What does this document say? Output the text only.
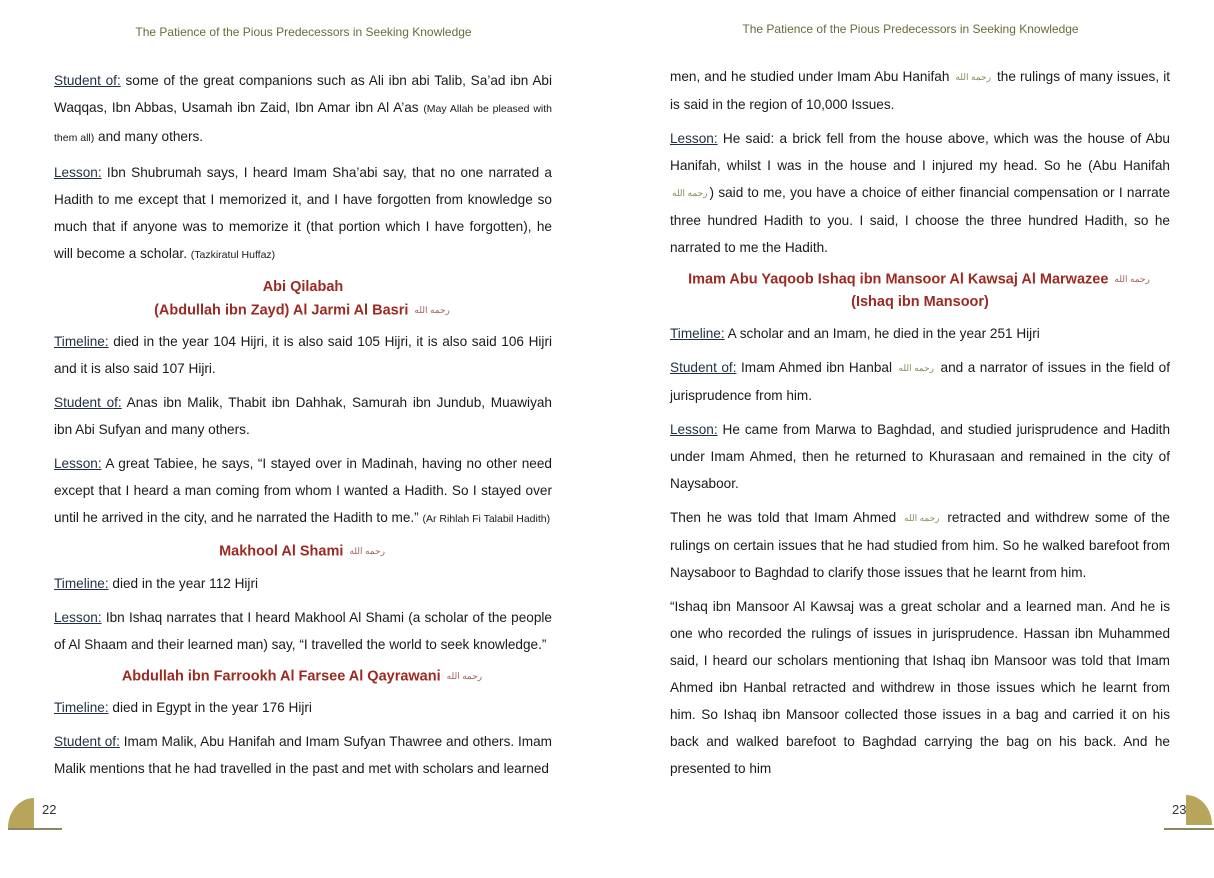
The Patience of the Pious Predecessors in Seeking Knowledge

Student of: some of the great companions such as Ali ibn abi Talib, Sa’ad ibn Abi Waqqas, Ibn Abbas, Usamah ibn Zaid, Ibn Amar ibn Al A’as (May Allah be pleased with them all) and many others.

Lesson: Ibn Shubrumah says, I heard Imam Sha’abi say, that no one narrated a Hadith to me except that I memorized it, and I have forgotten from knowledge so much that if anyone was to memorize it (that portion which I have forgotten), he will become a scholar. (Tazkiratul Huffaz)

Abi Qilabah
(Abdullah ibn Zayd) Al Jarmi Al Basri رحمه الله

Timeline: died in the year 104 Hijri, it is also said 105 Hijri, it is also said 106 Hijri and it is also said 107 Hijri.

Student of: Anas ibn Malik, Thabit ibn Dahhak, Samurah ibn Jundub, Muawiyah ibn Abi Sufyan and many others.

Lesson: A great Tabiee, he says, “I stayed over in Madinah, having no other need except that I heard a man coming from whom I wanted a Hadith. So I stayed over until he arrived in the city, and he narrated the Hadith to me.” (Ar Rihlah Fi Talabil Hadith)

Makhool Al Shami رحمه الله

Timeline: died in the year 112 Hijri

Lesson: Ibn Ishaq narrates that I heard Makhool Al Shami (a scholar of the people of Al Shaam and their learned man) say, “I travelled the world to seek knowledge.”

Abdullah ibn Farrookh Al Farsee Al Qayrawani رحمه الله

Timeline: died in Egypt in the year 176 Hijri

Student of: Imam Malik, Abu Hanifah and Imam Sufyan Thawree and others. Imam Malik mentions that he had travelled in the past and met with scholars and learned

22
The Patience of the Pious Predecessors in Seeking Knowledge

men, and he studied under Imam Abu Hanifah رحمه الله the rulings of many issues, it is said in the region of 10,000 Issues.

Lesson: He said: a brick fell from the house above, which was the house of Abu Hanifah, whilst I was in the house and I injured my head. So he (Abu Hanifah رحمه الله ) said to me, you have a choice of either financial compensation or I narrate three hundred Hadith to you. I said, I choose the three hundred Hadith, so he narrated to me the Hadith.

Imam Abu Yaqoob Ishaq ibn Mansoor Al Kawsaj Al Marwazee رحمه الله
(Ishaq ibn Mansoor)

Timeline: A scholar and an Imam, he died in the year 251 Hijri

Student of: Imam Ahmed ibn Hanbal رحمه الله and a narrator of issues in the field of jurisprudence from him.

Lesson: He came from Marwa to Baghdad, and studied jurisprudence and Hadith under Imam Ahmed, then he returned to Khurasaan and remained in the city of Naysaboor.

Then he was told that Imam Ahmed رحمه الله retracted and withdrew some of the rulings on certain issues that he had studied from him. So he walked barefoot from Naysaboor to Baghdad to clarify those issues that he learnt from him.

“Ishaq ibn Mansoor Al Kawsaj was a great scholar and a learned man. And he is one who recorded the rulings of issues in jurisprudence. Hassan ibn Muhammed said, I heard our scholars mentioning that Ishaq ibn Mansoor was told that Imam Ahmed ibn Hanbal retracted and withdrew in those issues which he learnt from him. So Ishaq ibn Mansoor collected those issues in a bag and carried it on his back and walked barefoot to Baghdad carrying the bag on his back. And he presented to him

23
